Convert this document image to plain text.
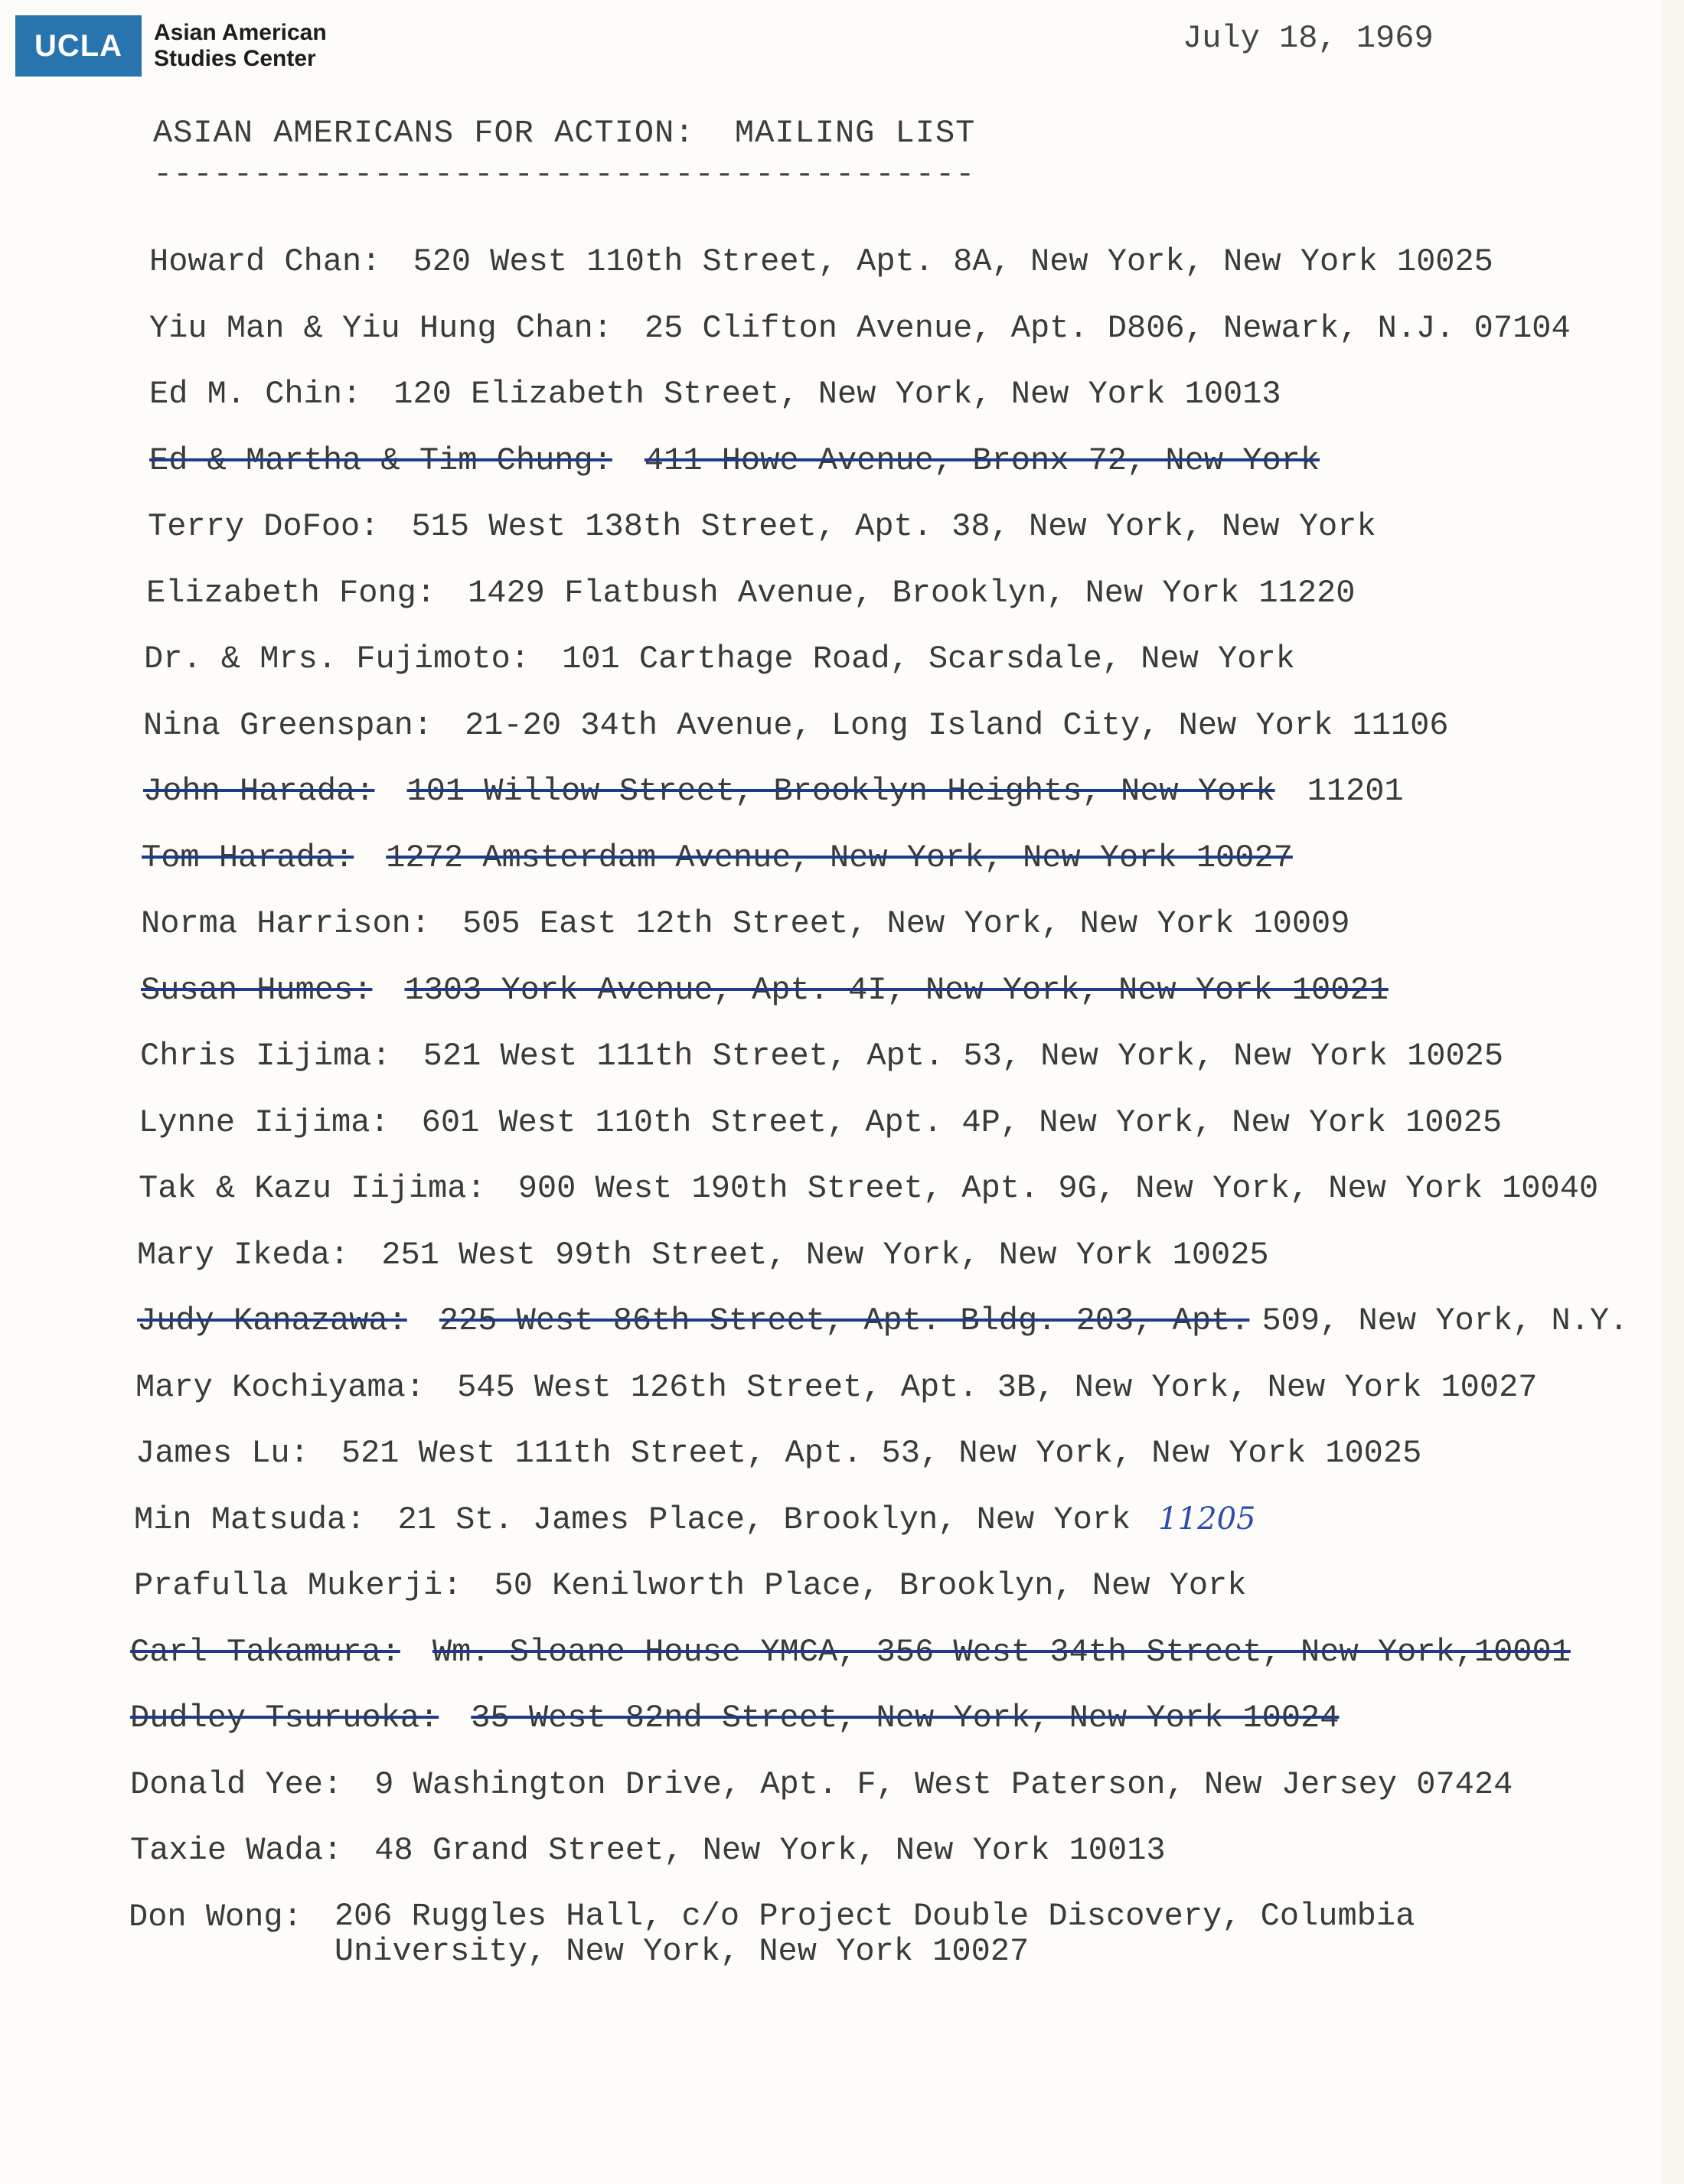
UCLA	Asian American
Studies Center
July 18, 1969
ASIAN AMERICANS FOR ACTION:  MAILING LIST
-----------------------------------------
Howard Chan: 520 West 110th Street, Apt. 8A, New York, New York 10025
Yiu Man & Yiu Hung Chan: 25 Clifton Avenue, Apt. D806, Newark, N.J. 07104
Ed M. Chin: 120 Elizabeth Street, New York, New York 10013
Ed & Martha & Tim Chung: 411 Howe Avenue, Bronx 72, New York
Terry DoFoo: 515 West 138th Street, Apt. 38, New York, New York
Elizabeth Fong: 1429 Flatbush Avenue, Brooklyn, New York 11220
Dr. & Mrs. Fujimoto: 101 Carthage Road, Scarsdale, New York
Nina Greenspan: 21-20 34th Avenue, Long Island City, New York 11106
John Harada: 101 Willow Street, Brooklyn Heights, New York 11201
Tom Harada: 1272 Amsterdam Avenue, New York, New York 10027
Norma Harrison: 505 East 12th Street, New York, New York 10009
Susan Humes: 1303 York Avenue, Apt. 4I, New York, New York 10021
Chris Iijima: 521 West 111th Street, Apt. 53, New York, New York 10025
Lynne Iijima: 601 West 110th Street, Apt. 4P, New York, New York 10025
Tak & Kazu Iijima: 900 West 190th Street, Apt. 9G, New York, New York 10040
Mary Ikeda: 251 West 99th Street, New York, New York 10025
Judy Kanazawa: 225 West 86th Street, Apt. Bldg. 203, Apt. 509, New York, N.Y.
Mary Kochiyama: 545 West 126th Street, Apt. 3B, New York, New York 10027
James Lu: 521 West 111th Street, Apt. 53, New York, New York 10025
Min Matsuda: 21 St. James Place, Brooklyn, New York 11205
Prafulla Mukerji: 50 Kenilworth Place, Brooklyn, New York
Carl Takamura: Wm. Sloane House YMCA, 356 West 34th Street, New York,10001
Dudley Tsuruoka: 35 West 82nd Street, New York, New York 10024
Donald Yee: 9 Washington Drive, Apt. F, West Paterson, New Jersey 07424
Taxie Wada: 48 Grand Street, New York, New York 10013
Don Wong: 206 Ruggles Hall, c/o Project Double Discovery, Columbia
University, New York, New York 10027
